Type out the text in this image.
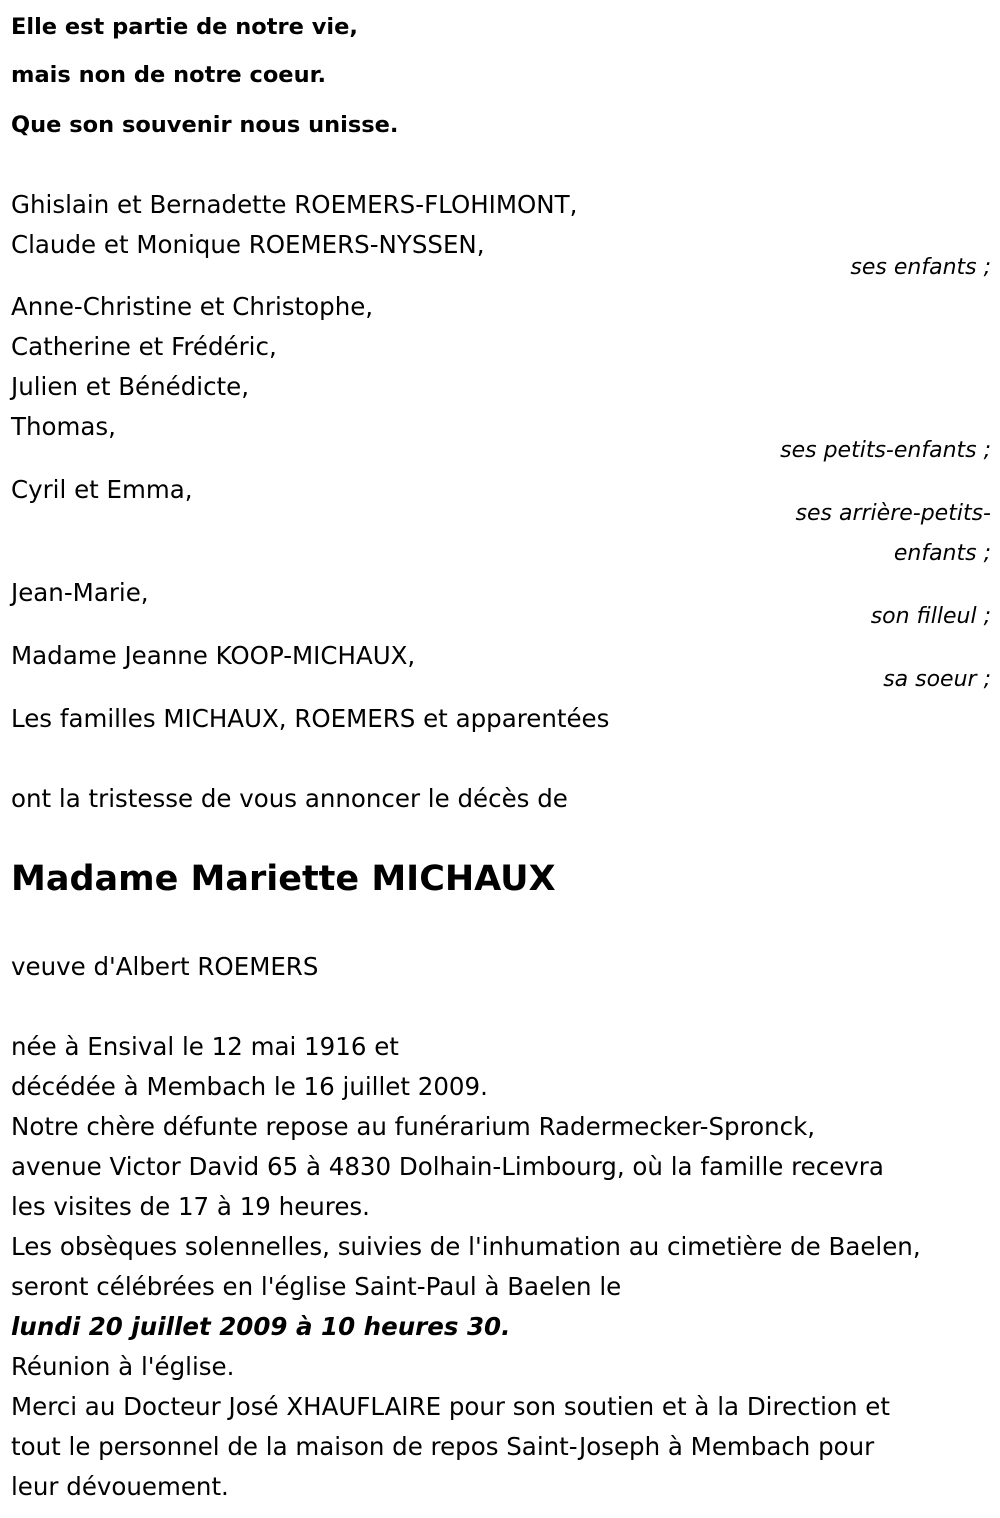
Elle est partie de notre vie,
mais non de notre coeur.
Que son souvenir nous unisse.
Ghislain et Bernadette ROEMERS-FLOHIMONT,
Claude et Monique ROEMERS-NYSSEN,
ses enfants ;
Anne-Christine et Christophe,
Catherine et Frédéric,
Julien et Bénédicte,
Thomas,
ses petits-enfants ;
Cyril et Emma,
ses arrière-petits-
enfants ;
Jean-Marie,
son filleul ;
Madame Jeanne KOOP-MICHAUX,
sa soeur ;
Les familles MICHAUX, ROEMERS et apparentées
ont la tristesse de vous annoncer le décès de
Madame Mariette MICHAUX
veuve d'Albert ROEMERS
née à Ensival le 12 mai 1916 et
décédée à Membach le 16 juillet 2009.
Notre chère défunte repose au funérarium Radermecker-Spronck,
avenue Victor David 65 à 4830 Dolhain-Limbourg, où la famille recevra
les visites de 17 à 19 heures.
Les obsèques solennelles, suivies de l'inhumation au cimetière de Baelen,
seront célébrées en l'église Saint-Paul à Baelen le
lundi 20 juillet 2009 à 10 heures 30.
Réunion à l'église.
Merci au Docteur José XHAUFLAIRE pour son soutien et à la Direction et
tout le personnel de la maison de repos Saint-Joseph à Membach pour
leur dévouement.
